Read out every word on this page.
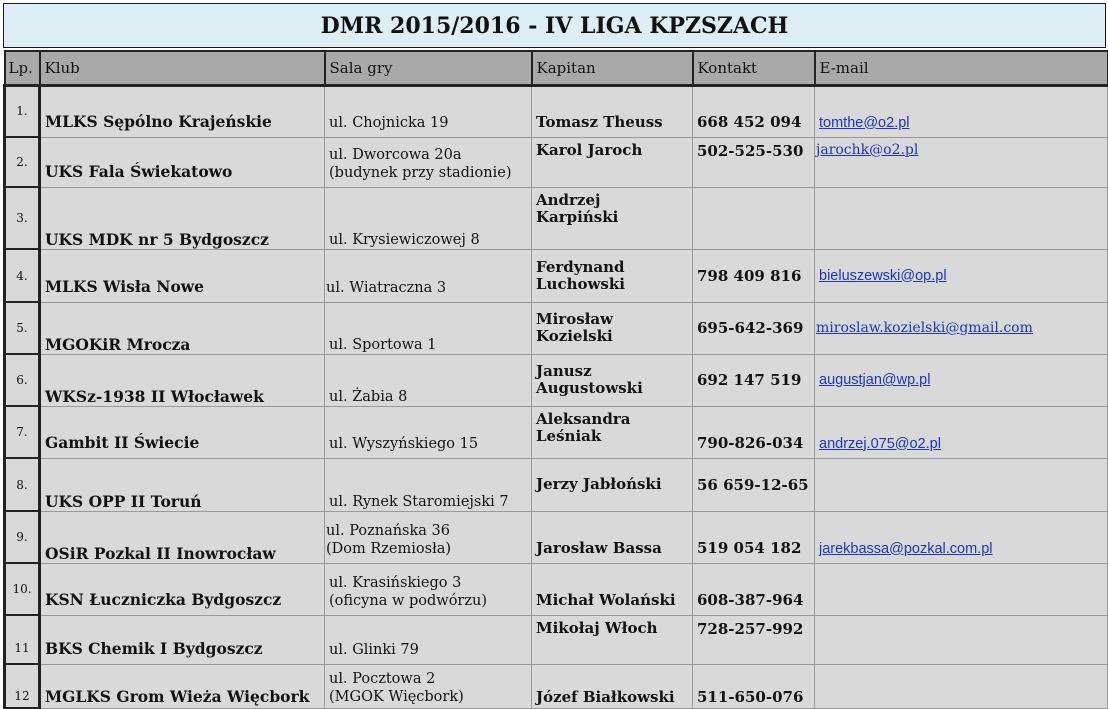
DMR 2015/2016 - IV LIGA KPZSZACH
Lp.	Klub	Sala gry	Kapitan	Kontakt	E-mail
1.	MLKS Sępólno Krajeńskie	ul. Chojnicka 19	Tomasz Theuss	668 452 094	tomthe@o2.pl
2.	UKS Fala Świekatowo	ul. Dworcowa 20a
(budynek przy stadionie)	Karol Jaroch	502-525-530	jarochk@o2.pl
3.	UKS MDK nr 5 Bydgoszcz	ul. Krysiewiczowej 8	Andrzej
Karpiński		

4.	MLKS Wisła Nowe	ul. Wiatraczna 3	Ferdynand
Luchowski	798 409 816	bieluszewski@op.pl
5.	MGOKiR Mrocza	ul. Sportowa 1	Mirosław
Kozielski	695-642-369	miroslaw.kozielski@gmail.com
6.	WKSz-1938 II Włocławek	ul. Żabia 8	Janusz
Augustowski	692 147 519	augustjan@wp.pl
7.	Gambit II Świecie	ul. Wyszyńskiego 15	Aleksandra
Leśniak	790-826-034	andrzej.075@o2.pl
8.	UKS OPP II Toruń	ul. Rynek Staromiejski 7	Jerzy Jabłoński	56 659-12-65	
9.	OSiR Pozkal II Inowrocław	ul. Poznańska 36
(Dom Rzemiosła)	Jarosław Bassa	519 054 182	jarekbassa@pozkal.com.pl
10.	KSN Łuczniczka Bydgoszcz	ul. Krasińskiego 3
(oficyna w podwórzu)	Michał Wolański	608-387-964	
11	BKS Chemik I Bydgoszcz	ul. Glinki 79	Mikołaj Włoch	728-257-992	
12	MGLKS Grom Wieża Więcbork	ul. Pocztowa 2
(MGOK Więcbork)	Józef Białkowski	511-650-076	
